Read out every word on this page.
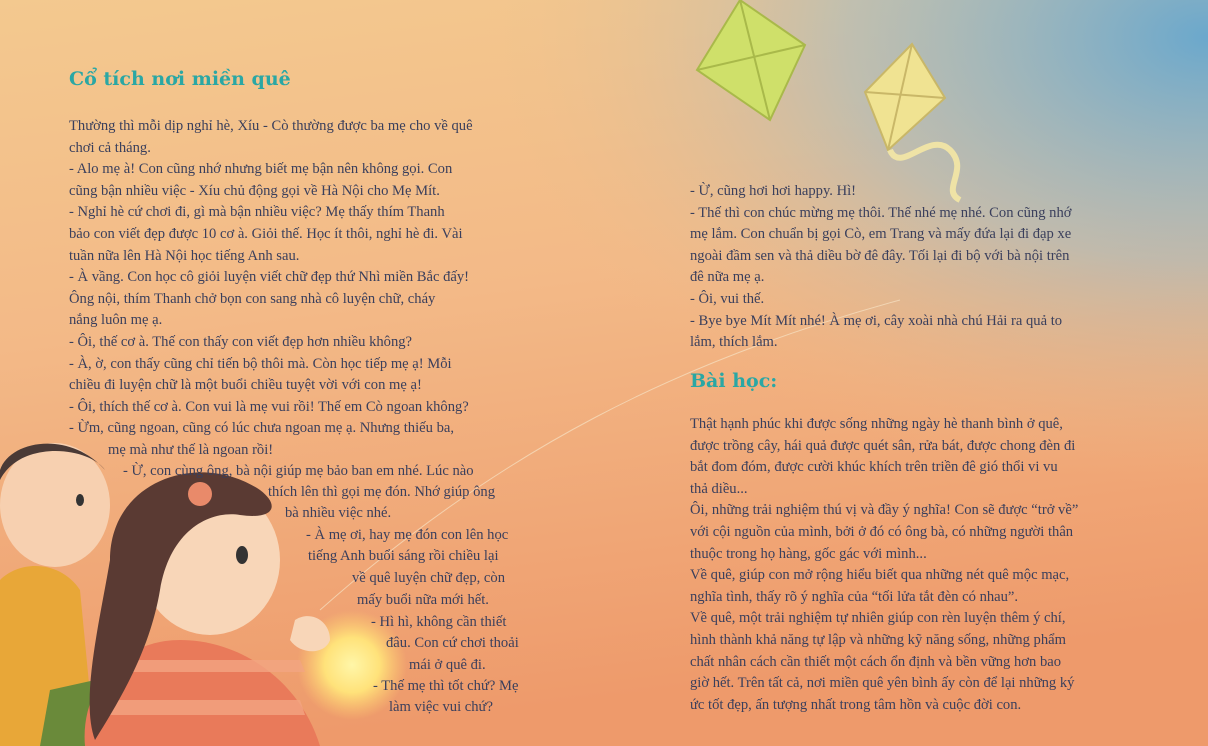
Cổ tích nơi miền quê
Thường thì mỗi dịp nghỉ hè, Xíu - Cò thường được ba mẹ cho về quê
chơi cả tháng.
- Alo mẹ à! Con cũng nhớ nhưng biết mẹ bận nên không gọi. Con
cũng bận nhiều việc - Xíu chủ động gọi về Hà Nội cho Mẹ Mít.
- Nghỉ hè cứ chơi đi, gì mà bận nhiều việc? Mẹ thấy thím Thanh
bảo con viết đẹp được 10 cơ à. Giỏi thế. Học ít thôi, nghỉ hè đi. Vài
tuần nữa lên Hà Nội học tiếng Anh sau.
- À vầng. Con học cô giỏi luyện viết chữ đẹp thứ Nhì miền Bắc đấy!
Ông nội, thím Thanh chở bọn con sang nhà cô luyện chữ, cháy
nắng luôn mẹ ạ.
- Ôi, thế cơ à. Thế con thấy con viết đẹp hơn nhiều không?
- À, ờ, con thấy cũng chỉ tiến bộ thôi mà. Còn học tiếp mẹ ạ! Mỗi
chiều đi luyện chữ là một buổi chiều tuyệt vời với con mẹ ạ!
- Ôi, thích thế cơ à. Con vui là mẹ vui rồi! Thế em Cò ngoan không?
- Ừm, cũng ngoan, cũng có lúc chưa ngoan mẹ ạ. Nhưng thiếu ba,
mẹ mà như thế là ngoan rồi!
- Ừ, con cùng ông, bà nội giúp mẹ bảo ban em nhé. Lúc nào
thích lên thì gọi mẹ đón. Nhớ giúp ông
bà nhiều việc nhé.
- À mẹ ơi, hay mẹ đón con lên học
tiếng Anh buổi sáng rồi chiều lại
về quê luyện chữ đẹp, còn
mấy buổi nữa mới hết.
- Hì hì, không cần thiết
đâu. Con cứ chơi thoải
mái ở quê đi.
- Thế mẹ thì tốt chứ? Mẹ
làm việc vui chứ?
- Ừ, cũng hơi hơi happy. Hì!
- Thế thì con chúc mừng mẹ thôi. Thế nhé mẹ nhé. Con cũng nhớ
mẹ lắm. Con chuẩn bị gọi Cò, em Trang và mấy đứa lại đi đạp xe
ngoài đầm sen và thả diều bờ đê đây. Tối lại đi bộ với bà nội trên
đê nữa mẹ ạ.
- Ôi, vui thế.
- Bye bye Mít Mít nhé! À mẹ ơi, cây xoài nhà chú Hải ra quả to
lắm, thích lắm.
Bài học:
Thật hạnh phúc khi được sống những ngày hè thanh bình ở quê,
được trồng cây, hái quả được quét sân, rửa bát, được chong đèn đi
bắt đom đóm, được cười khúc khích trên triền đê gió thổi vi vu
thả diều...
Ôi, những trải nghiệm thú vị và đầy ý nghĩa! Con sẽ được “trở về”
với cội nguồn của mình, bởi ở đó có ông bà, có những người thân
thuộc trong họ hàng, gốc gác với mình...
Về quê, giúp con mở rộng hiểu biết qua những nét quê mộc mạc,
nghĩa tình, thấy rõ ý nghĩa của “tối lửa tắt đèn có nhau”.
Về quê, một trải nghiệm tự nhiên giúp con rèn luyện thêm ý chí,
hình thành khả năng tự lập và những kỹ năng sống, những phẩm
chất nhân cách cần thiết một cách ổn định và bền vững hơn bao
giờ hết. Trên tất cả, nơi miền quê yên bình ấy còn để lại những ký
ức tốt đẹp, ấn tượng nhất trong tâm hồn và cuộc đời con.
